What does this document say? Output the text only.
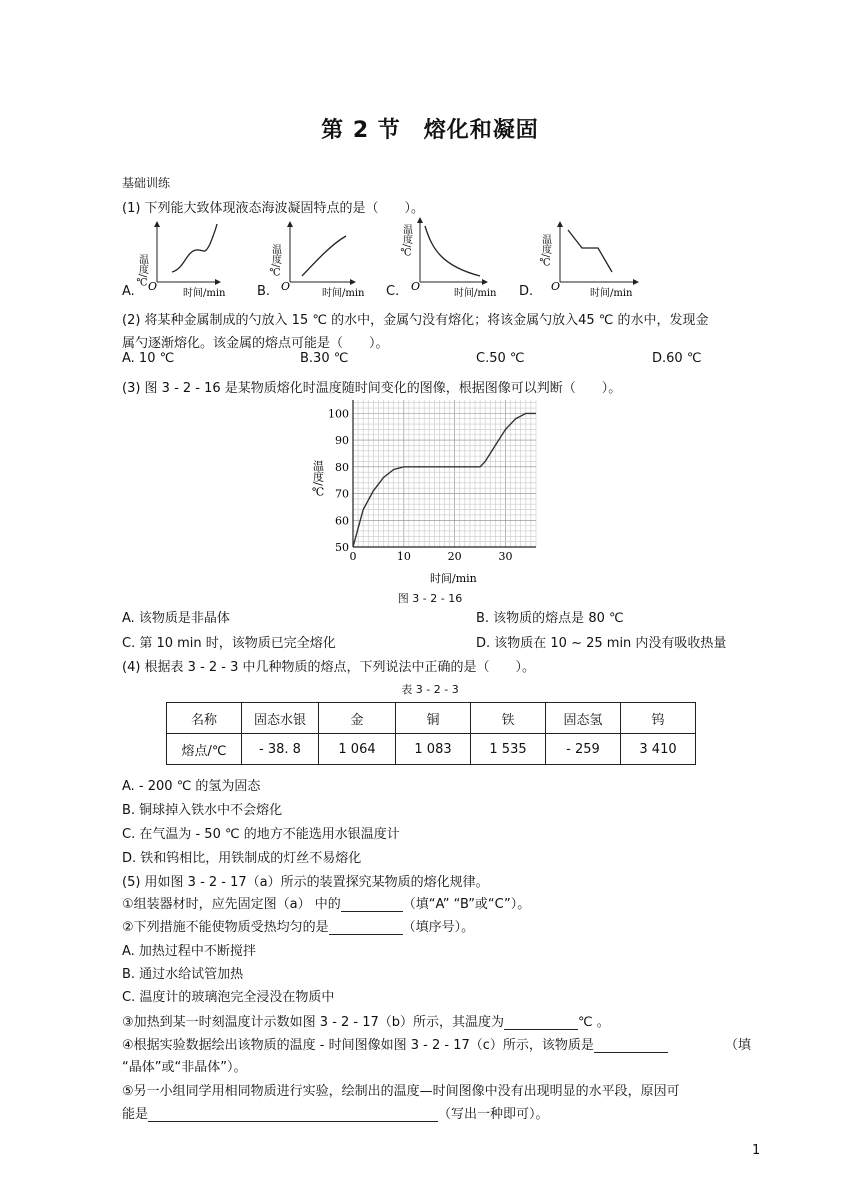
第 2 节　熔化和凝固
基础训练
(1) 下列能大致体现液态海波凝固特点的是（　　）。
温度/℃ O
时间/min
温度/℃
O
时间/min
温度/℃
O
时间/min
温度/℃
O
时间/min
A.	B.	C.	D.
(2) 将某种金属制成的勺放入 15 ℃ 的水中，金属勺没有熔化；将该金属勺放入45 ℃ 的水中，发现金
属勺逐渐熔化。该金属的熔点可能是（　　）。
A. 10 ℃	B.30 ℃	C.50 ℃	D.60 ℃
(3) 图 3 - 2 - 16 是某物质熔化时温度随时间变化的图像，根据图像可以判断（　　）。
50
60
70
80
90
100
0	10	20	30
温度/℃
时间/min
图 3 - 2 - 16
A. 该物质是非晶体	B. 该物质的熔点是 80 ℃
C. 第 10 min 时，该物质已完全熔化	D. 该物质在 10 ~ 25 min 内没有吸收热量
(4) 根据表 3 - 2 - 3 中几种物质的熔点，下列说法中正确的是（　　）。
表 3 - 2 - 3
名称	固态水银	金	铜	铁	固态氢	钨
熔点/℃	- 38. 8	1 064	1 083	1 535	- 259	3 410
A. - 200 ℃ 的氢为固态
B. 铜球掉入铁水中不会熔化
C. 在气温为 - 50 ℃ 的地方不能选用水银温度计
D. 铁和钨相比，用铁制成的灯丝不易熔化
(5) 用如图 3 - 2 - 17（a）所示的装置探究某物质的熔化规律。
①组装器材时，应先固定图（a） 中的	（填“A” “B”或“C”）。
②下列措施不能使物质受热均匀的是	（填序号）。
A. 加热过程中不断搅拌
B. 通过水给试管加热
C. 温度计的玻璃泡完全浸没在物质中
③加热到某一时刻温度计示数如图 3 - 2 - 17（b）所示，其温度为	℃ 。
④根据实验数据绘出该物质的温度 - 时间图像如图 3 - 2 - 17（c）所示，该物质是	（填
“晶体”或“非晶体”）。
⑤另一小组同学用相同物质进行实验，绘制出的温度—时间图像中没有出现明显的水平段，原因可
能是	（写出一种即可）。
1
